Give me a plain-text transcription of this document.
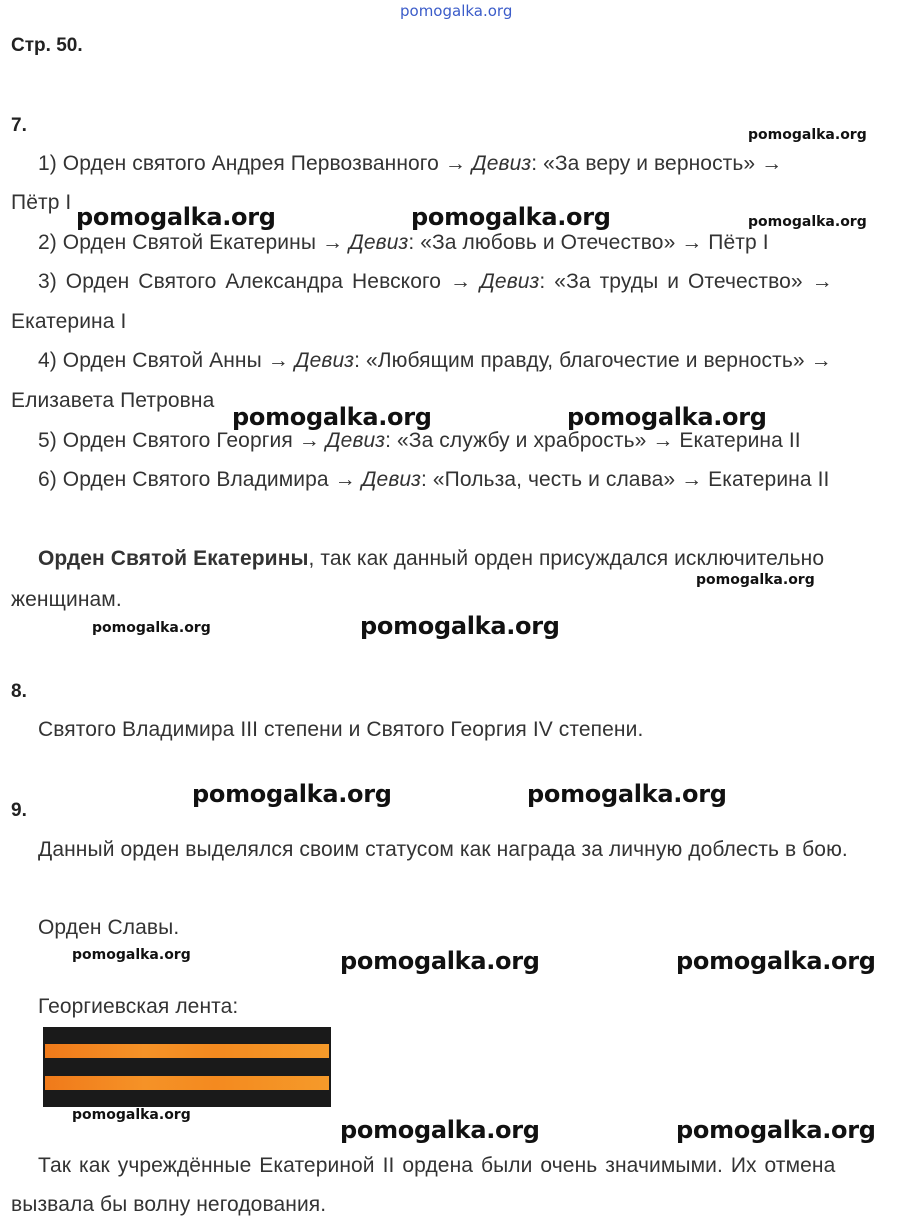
pomogalka.org
Стр. 50.
7.
1) Орден святого Андрея Первозванного → Девиз: «За веру и верность» →
Пётр I
2) Орден Святой Екатерины → Девиз: «За любовь и Отечество» → Пётр I
3) Орден Святого Александра Невского → Девиз: «За труды и Отечество» →
Екатерина I
4) Орден Святой Анны → Девиз: «Любящим правду, благочестие и верность» →
Елизавета Петровна
5) Орден Святого Георгия → Девиз: «За службу и храбрость» → Екатерина II
6) Орден Святого Владимира → Девиз: «Польза, честь и слава» → Екатерина II
Орден Святой Екатерины, так как данный орден присуждался исключительно
женщинам.
8.
Святого Владимира III степени и Святого Георгия IV степени.
9.
Данный орден выделялся своим статусом как награда за личную доблесть в бою.
Орден Славы.
Георгиевская лента:
Так как учреждённые Екатериной II ордена были очень значимыми. Их отмена
вызвала бы волну негодования.
pomogalka.org
pomogalka.org	pomogalka.org	pomogalka.org
pomogalka.org	pomogalka.org
pomogalka.org
pomogalka.org	pomogalka.org
pomogalka.org	pomogalka.org
pomogalka.org	pomogalka.org	pomogalka.org
pomogalka.org
pomogalka.org	pomogalka.org
